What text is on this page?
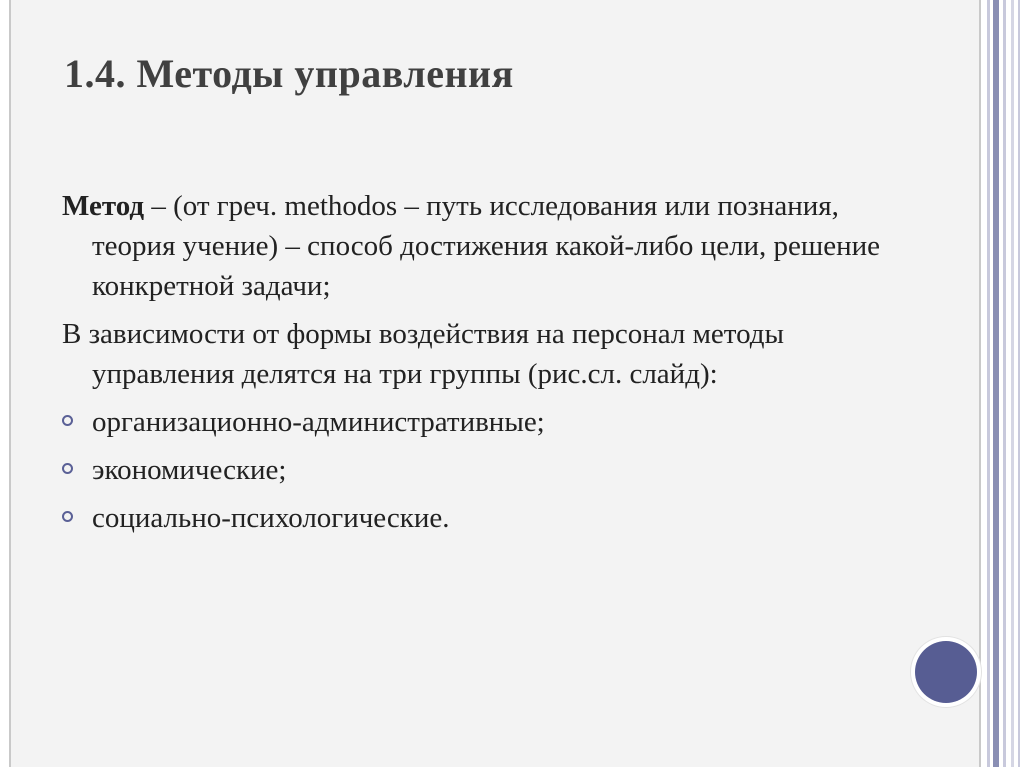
1.4. Методы управления
Метод – (от греч. methodos – путь исследования или познания, теория учение) – способ достижения какой-либо цели, решение конкретной задачи;
В зависимости от формы воздействия на персонал методы управления делятся на три группы (рис.сл. слайд):
организационно-административные;
экономические;
социально-психологические.
